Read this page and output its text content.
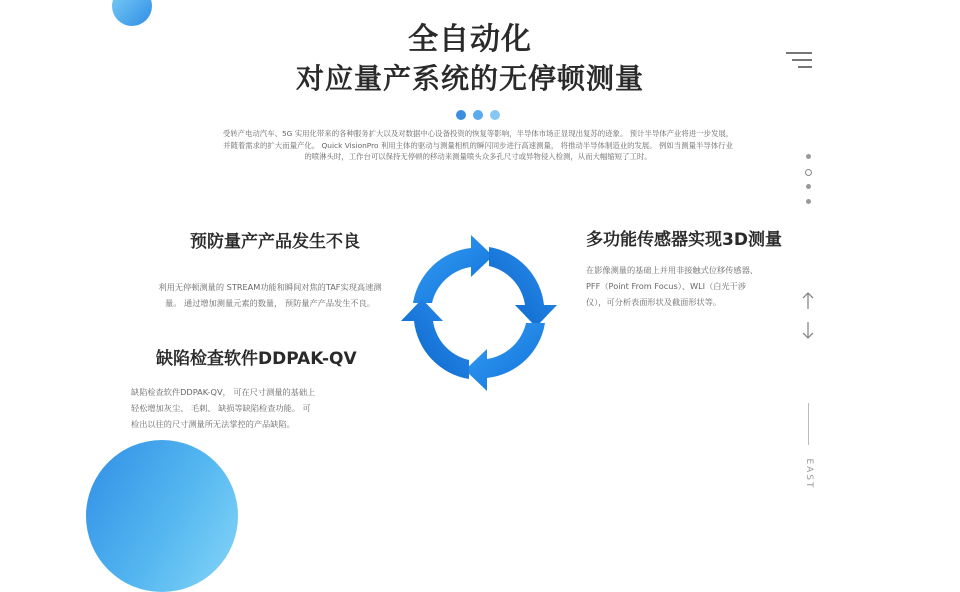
全自动化
对应量产系统的无停顿测量
受转产电动汽车、5G 实用化带来的各种服务扩大以及对数据中心设备投资的恢复等影响，半导体市场正显现出复苏的迹象。 预计半导体产业将进一步发展， 并随着需求的扩大而量产化。 Quick VisionPro 利用主体的驱动与测量相机的瞬闪同步进行高速测量， 将推动半导体制造业的发展。 例如当测量半导体行业的喷淋头时，工作台可以保持无停顿的移动来测量喷头众多孔尺寸或异物侵入检测，从而大幅缩短了工时。
预防量产产品发生不良
利用无停顿测量的 STREAM功能和瞬间对焦的TAF实现高速测
量。 通过增加测量元素的数量， 预防量产产品发生不良。
多功能传感器实现3D测量
在影像测量的基础上并用非接触式位移传感器、
PFF（Point From Focus）、WLI（白光干涉
仪），可分析表面形状及截面形状等。
缺陷检查软件DDPAK-QV
缺陷检查软件DDPAK-QV， 可在尺寸测量的基础上
轻松增加灰尘、 毛刺、 缺损等缺陷检查功能。 可
检出以往的尺寸测量所无法掌控的产品缺陷。
EAST
